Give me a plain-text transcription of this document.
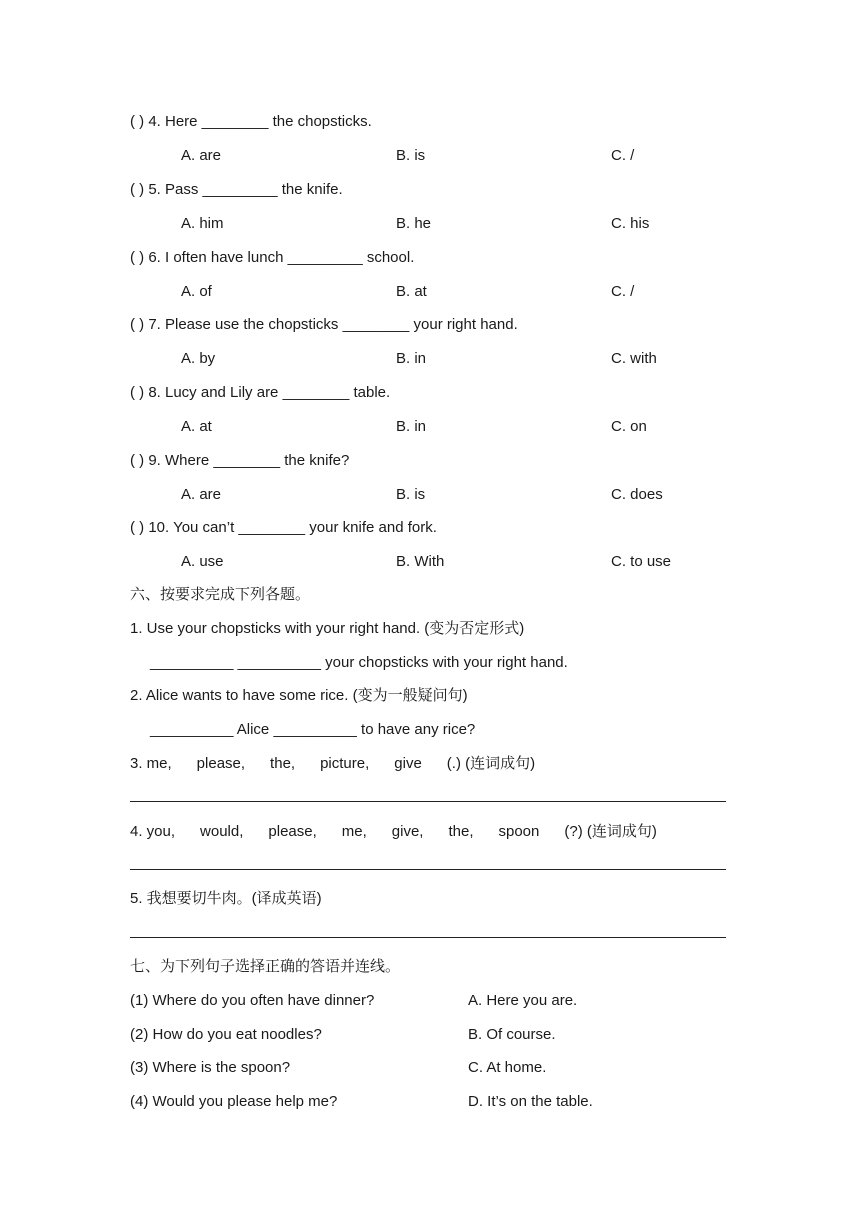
( ) 4. Here ________ the chopsticks.
A. are	B. is	C. /
( ) 5. Pass _________ the knife.
A. him	B. he	C. his
( ) 6. I often have lunch _________ school.
A. of	B. at	C. /
( ) 7. Please use the chopsticks ________ your right hand.
A. by	B. in	C. with
( ) 8. Lucy and Lily are ________ table.
A. at	B. in	C. on
( ) 9. Where ________ the knife?
A. are	B. is	C. does
( ) 10. You can’t ________ your knife and fork.
A. use	B. With	C. to use
六、按要求完成下列各题。
1. Use your chopsticks with your right hand. (变为否定形式)
__________ __________ your chopsticks with your right hand.
2. Alice wants to have some rice. (变为一般疑问句)
__________ Alice __________ to have any rice?
3. me,      please,      the,      picture,      give      (.) (连词成句)
4. you,      would,      please,      me,      give,      the,      spoon      (?) (连词成句)
5. 我想要切牛肉。(译成英语)
七、为下列句子选择正确的答语并连线。
(1) Where do you often have dinner?	A. Here you are.
(2) How do you eat noodles?	B. Of course.
(3) Where is the spoon?	C. At home.
(4) Would you please help me?	D. It’s on the table.
